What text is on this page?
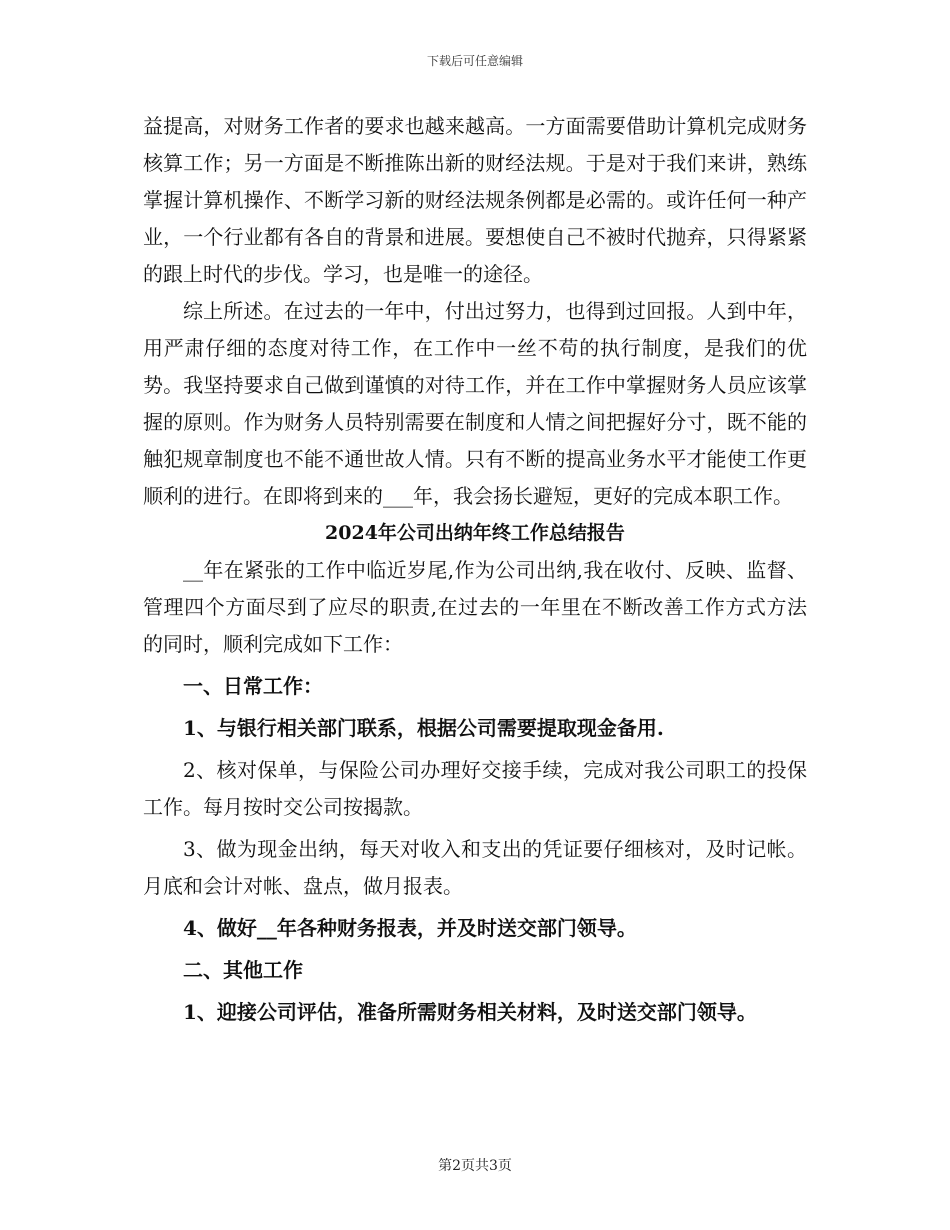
下载后可任意编辑

益提高，对财务工作者的要求也越来越高。一方面需要借助计算机完成财务核算工作；另一方面是不断推陈出新的财经法规。于是对于我们来讲，熟练掌握计算机操作、不断学习新的财经法规条例都是必需的。或许任何一种产业，一个行业都有各自的背景和进展。要想使自己不被时代抛弃，只得紧紧的跟上时代的步伐。学习，也是唯一的途径。

综上所述。在过去的一年中，付出过努力，也得到过回报。人到中年，用严肃仔细的态度对待工作，在工作中一丝不苟的执行制度，是我们的优势。我坚持要求自己做到谨慎的对待工作，并在工作中掌握财务人员应该掌握的原则。作为财务人员特别需要在制度和人情之间把握好分寸，既不能的触犯规章制度也不能不通世故人情。只有不断的提高业务水平才能使工作更顺利的进行。在即将到来的___年，我会扬长避短，更好的完成本职工作。

2024年公司出纳年终工作总结报告

__年在紧张的工作中临近岁尾,作为公司出纳,我在收付、反映、监督、管理四个方面尽到了应尽的职责,在过去的一年里在不断改善工作方式方法的同时，顺利完成如下工作：

一、日常工作：

1、与银行相关部门联系，根据公司需要提取现金备用.

2、核对保单，与保险公司办理好交接手续，完成对我公司职工的投保工作。每月按时交公司按揭款。

3、做为现金出纳，每天对收入和支出的凭证要仔细核对，及时记帐。月底和会计对帐、盘点，做月报表。

4、做好__年各种财务报表，并及时送交部门领导。

二、其他工作

1、迎接公司评估，准备所需财务相关材料，及时送交部门领导。

第2页共3页
